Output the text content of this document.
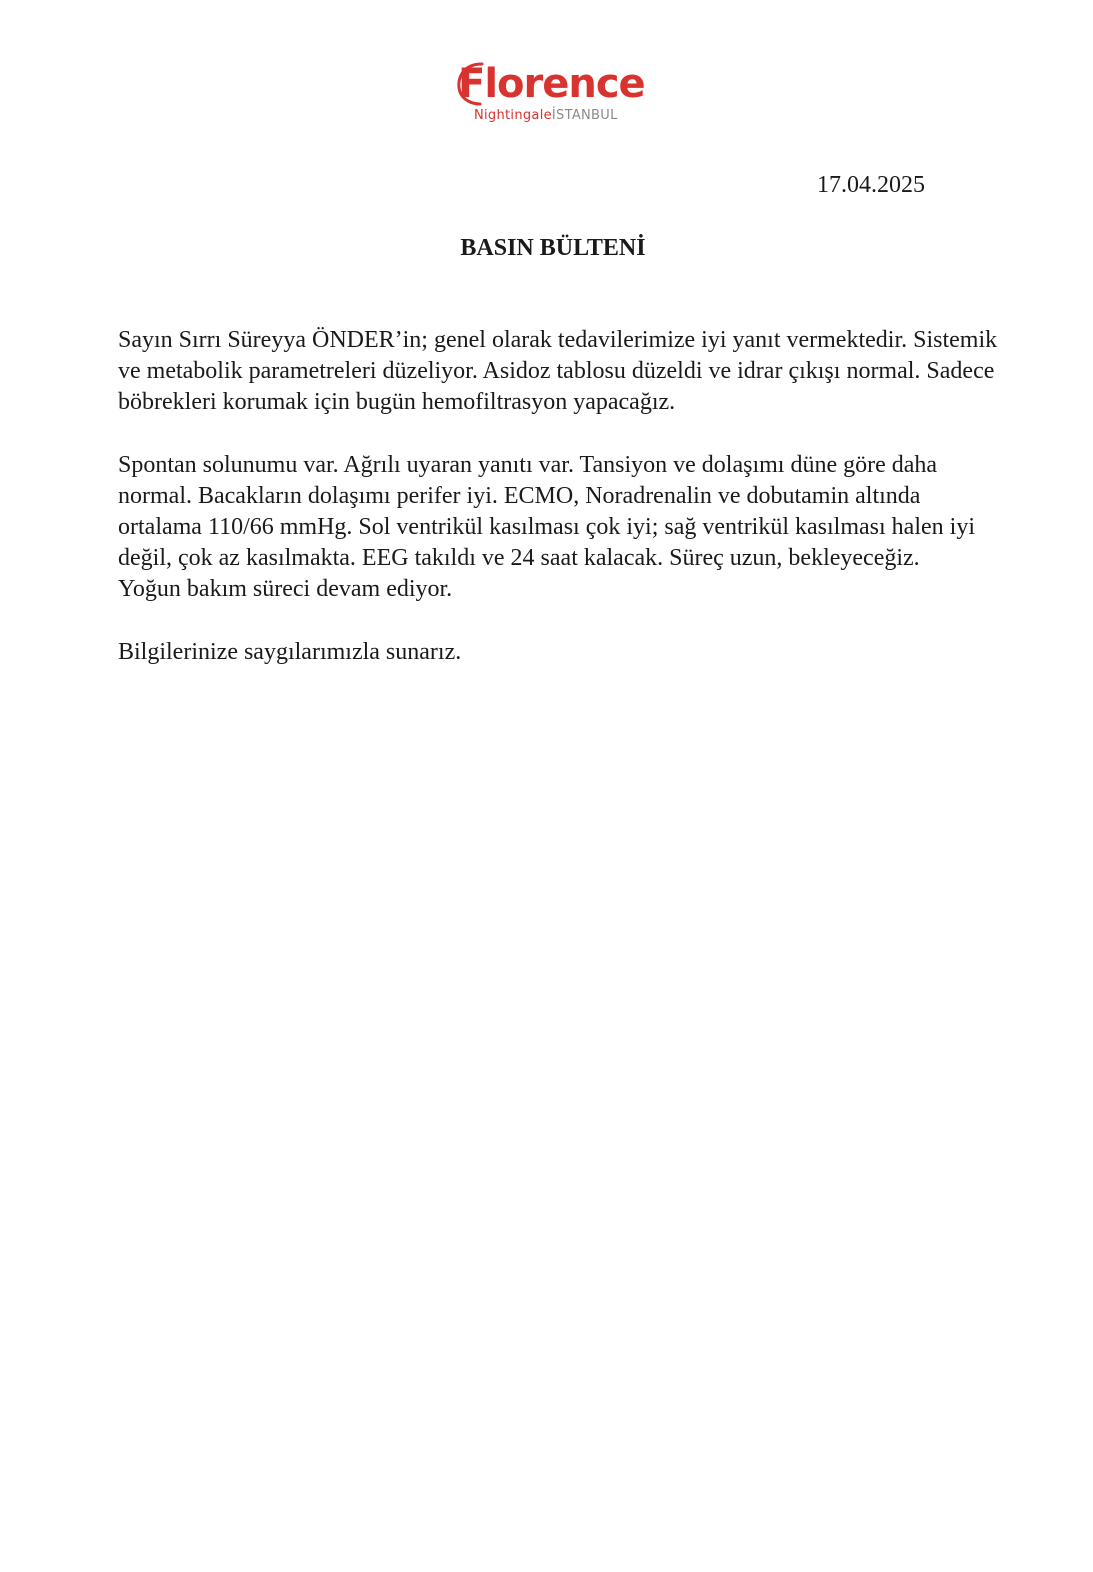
Florence
NightingaleİSTANBUL
17.04.2025
BASIN BÜLTENİ

Sayın Sırrı Süreyya ÖNDER’in; genel olarak tedavilerimize iyi yanıt vermektedir. Sistemik ve metabolik parametreleri düzeliyor. Asidoz tablosu düzeldi ve idrar çıkışı normal. Sadece böbrekleri korumak için bugün hemofiltrasyon yapacağız.

Spontan solunumu var. Ağrılı uyaran yanıtı var. Tansiyon ve dolaşımı düne göre daha normal. Bacakların dolaşımı perifer iyi. ECMO, Noradrenalin ve dobutamin altında ortalama 110/66 mmHg. Sol ventrikül kasılması çok iyi; sağ ventrikül kasılması halen iyi değil, çok az kasılmakta. EEG takıldı ve 24 saat kalacak. Süreç uzun, bekleyeceğiz.

Yoğun bakım süreci devam ediyor.

Bilgilerinize saygılarımızla sunarız.
